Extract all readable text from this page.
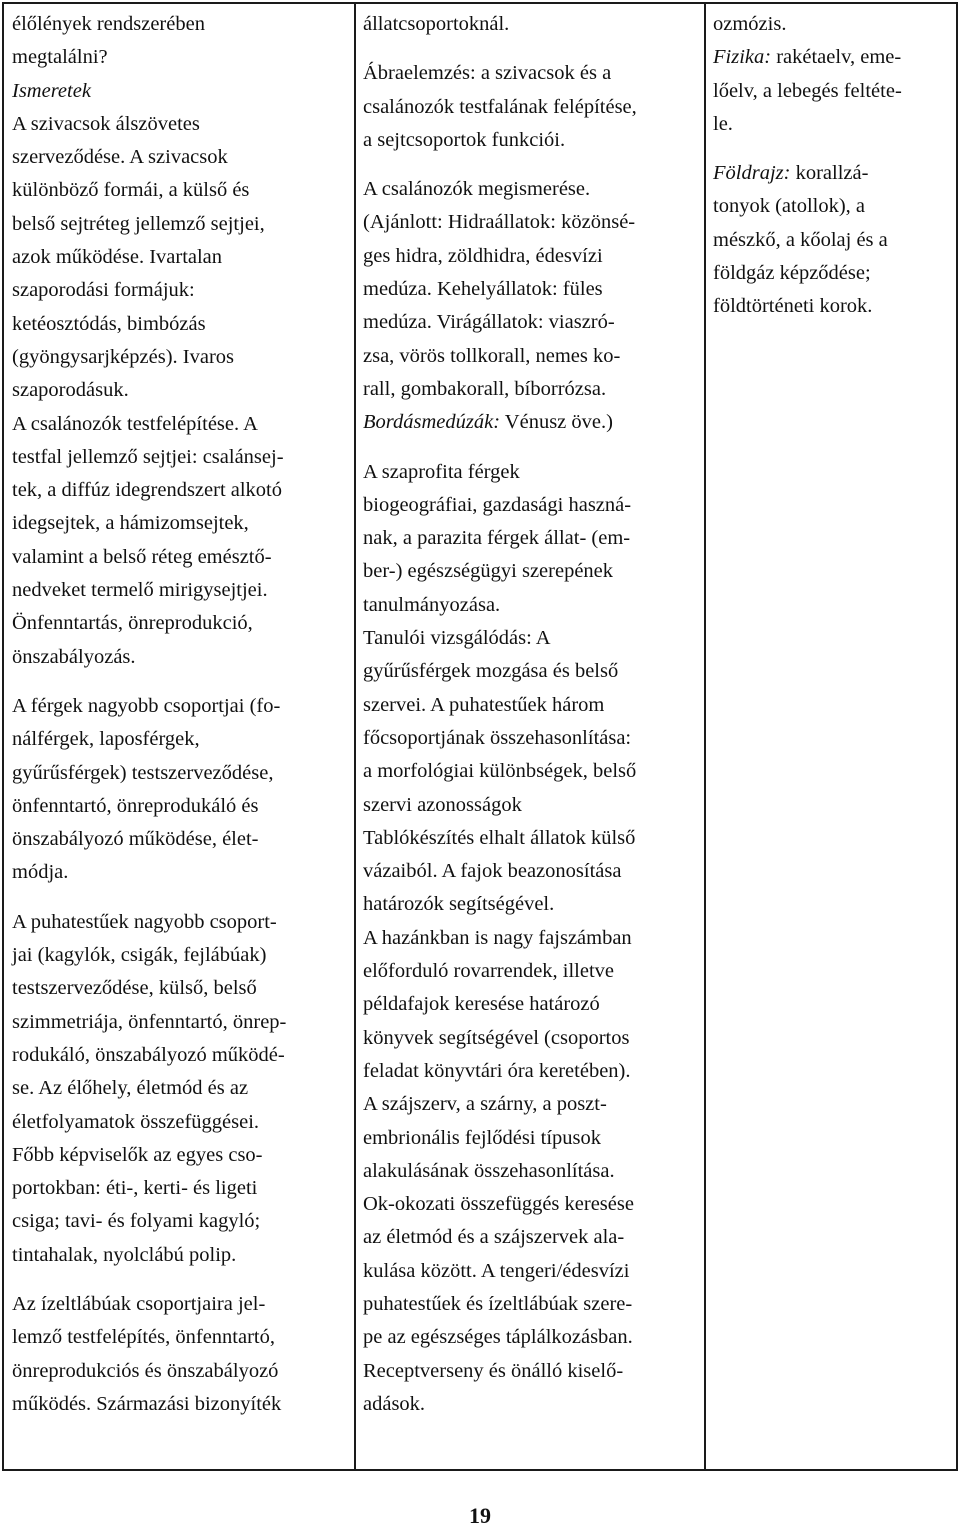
élőlények rendszerében
megtalálni?
Ismeretek
A szivacsok álszövetes
szerveződése. A szivacsok
különböző formái, a külső és
belső sejtréteg jellemző sejtjei,
azok működése. Ivartalan
szaporodási formájuk:
ketéosztódás, bimbózás
(gyöngysarjképzés). Ivaros
szaporodásuk.
A csalánozók testfelépítése. A
testfal jellemző sejtjei: csalánsej-
tek, a diffúz idegrendszert alkotó
idegsejtek, a hámizomsejtek,
valamint a belső réteg emésztő-
nedveket termelő mirigysejtjei.
Önfenntartás, önreprodukció,
önszabályozás.
A férgek nagyobb csoportjai (fo-
nálférgek, laposférgek,
gyűrűsférgek) testszerveződése,
önfenntartó, önreprodukáló és
önszabályozó működése, élet-
módja.
A puhatestűek nagyobb csoport-
jai (kagylók, csigák, fejlábúak)
testszerveződése, külső, belső
szimmetriája, önfenntartó, önrep-
rodukáló, önszabályozó működé-
se. Az élőhely, életmód és az
életfolyamatok összefüggései.
Főbb képviselők az egyes cso-
portokban: éti-, kerti- és ligeti
csiga; tavi- és folyami kagyló;
tintahalak, nyolclábú polip.
Az ízeltlábúak csoportjaira jel-
lemző testfelépítés, önfenntartó,
önreprodukciós és önszabályozó
működés. Származási bizonyíték
állatcsoportoknál.
Ábraelemzés: a szivacsok és a
csalánozók testfalának felépítése,
a sejtcsoportok funkciói.
A csalánozók megismerése.
(Ajánlott: Hidraállatok: közönsé-
ges hidra, zöldhidra, édesvízi
medúza. Kehelyállatok: füles
medúza. Virágállatok: viaszró-
zsa, vörös tollkorall, nemes ko-
rall, gombakorall, bíborrózsa.
Bordásmedúzák: Vénusz öve.)
A szaprofita férgek
biogeográfiai, gazdasági haszná-
nak, a parazita férgek állat- (em-
ber-) egészségügyi szerepének
tanulmányozása.
Tanulói vizsgálódás: A
gyűrűsférgek mozgása és belső
szervei. A puhatestűek három
főcsoportjának összehasonlítása:
a morfológiai különbségek, belső
szervi azonosságok
Tablókészítés elhalt állatok külső
vázaiból. A fajok beazonosítása
határozók segítségével.
A hazánkban is nagy fajszámban
előforduló rovarrendek, illetve
példafajok keresése határozó
könyvek segítségével (csoportos
feladat könyvtári óra keretében).
A szájszerv, a szárny, a poszt-
embrionális fejlődési típusok
alakulásának összehasonlítása.
Ok-okozati összefüggés keresése
az életmód és a szájszervek ala-
kulása között. A tengeri/édesvízi
puhatestűek és ízeltlábúak szere-
pe az egészséges táplálkozásban.
Receptverseny és önálló kiselő-
adások.
ozmózis.
Fizika: rakétaelv, eme-
lőelv, a lebegés feltéte-
le.
Földrajz: korallzá-
tonyok (atollok), a
mészkő, a kőolaj és a
földgáz képződése;
földtörténeti korok.
19
